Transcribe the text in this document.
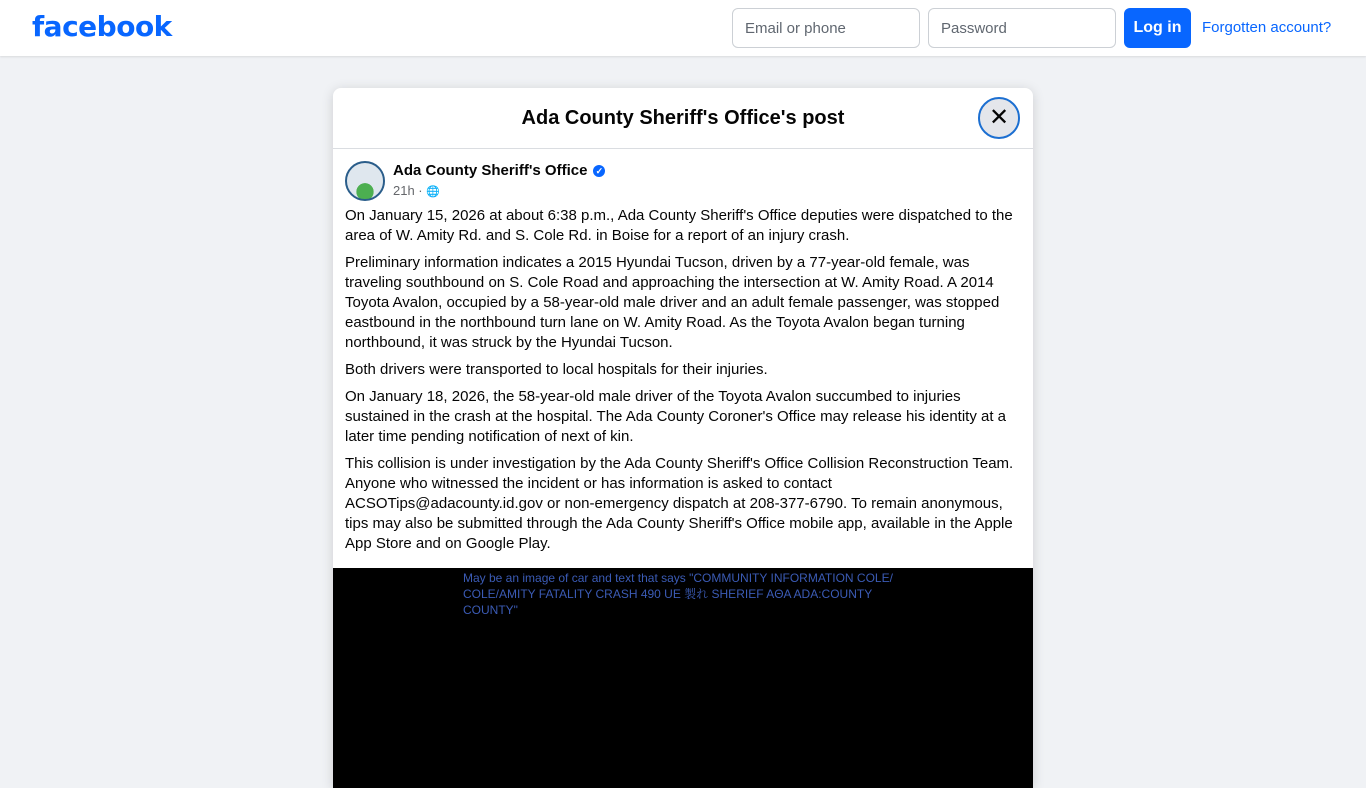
facebook
Email or phone	Log in	Forgotten account?
Ada County Sheriff's Office's post	✕
Ada County Sheriff's Office ✓
21h · 🌐

On January 15, 2026 at about 6:38 p.m., Ada County Sheriff's Office deputies were dispatched to the area of W. Amity Rd. and S. Cole Rd. in Boise for a report of an injury crash.

Preliminary information indicates a 2015 Hyundai Tucson, driven by a 77-year-old female, was traveling southbound on S. Cole Road and approaching the intersection at W. Amity Road. A 2014 Toyota Avalon, occupied by a 58-year-old male driver and an adult female passenger, was stopped eastbound in the northbound turn lane on W. Amity Road. As the Toyota Avalon began turning northbound, it was struck by the Hyundai Tucson.

Both drivers were transported to local hospitals for their injuries.

On January 18, 2026, the 58-year-old male driver of the Toyota Avalon succumbed to injuries sustained in the crash at the hospital. The Ada County Coroner's Office may release his identity at a later time pending notification of next of kin.

This collision is under investigation by the Ada County Sheriff's Office Collision Reconstruction Team. Anyone who witnessed the incident or has information is asked to contact ACSOTips@adacounty.id.gov or non-emergency dispatch at 208-377-6790. To remain anonymous, tips may also be submitted through the Ada County Sheriff's Office mobile app, available in the Apple App Store and on Google Play.

May be an image of car and text that says "COMMUNITY INFORMATION COLE/ COLE/AMITY FATALITY CRASH 490 UE 製れ SHERIEF AΘA ADA:COUNTY COUNTY"
